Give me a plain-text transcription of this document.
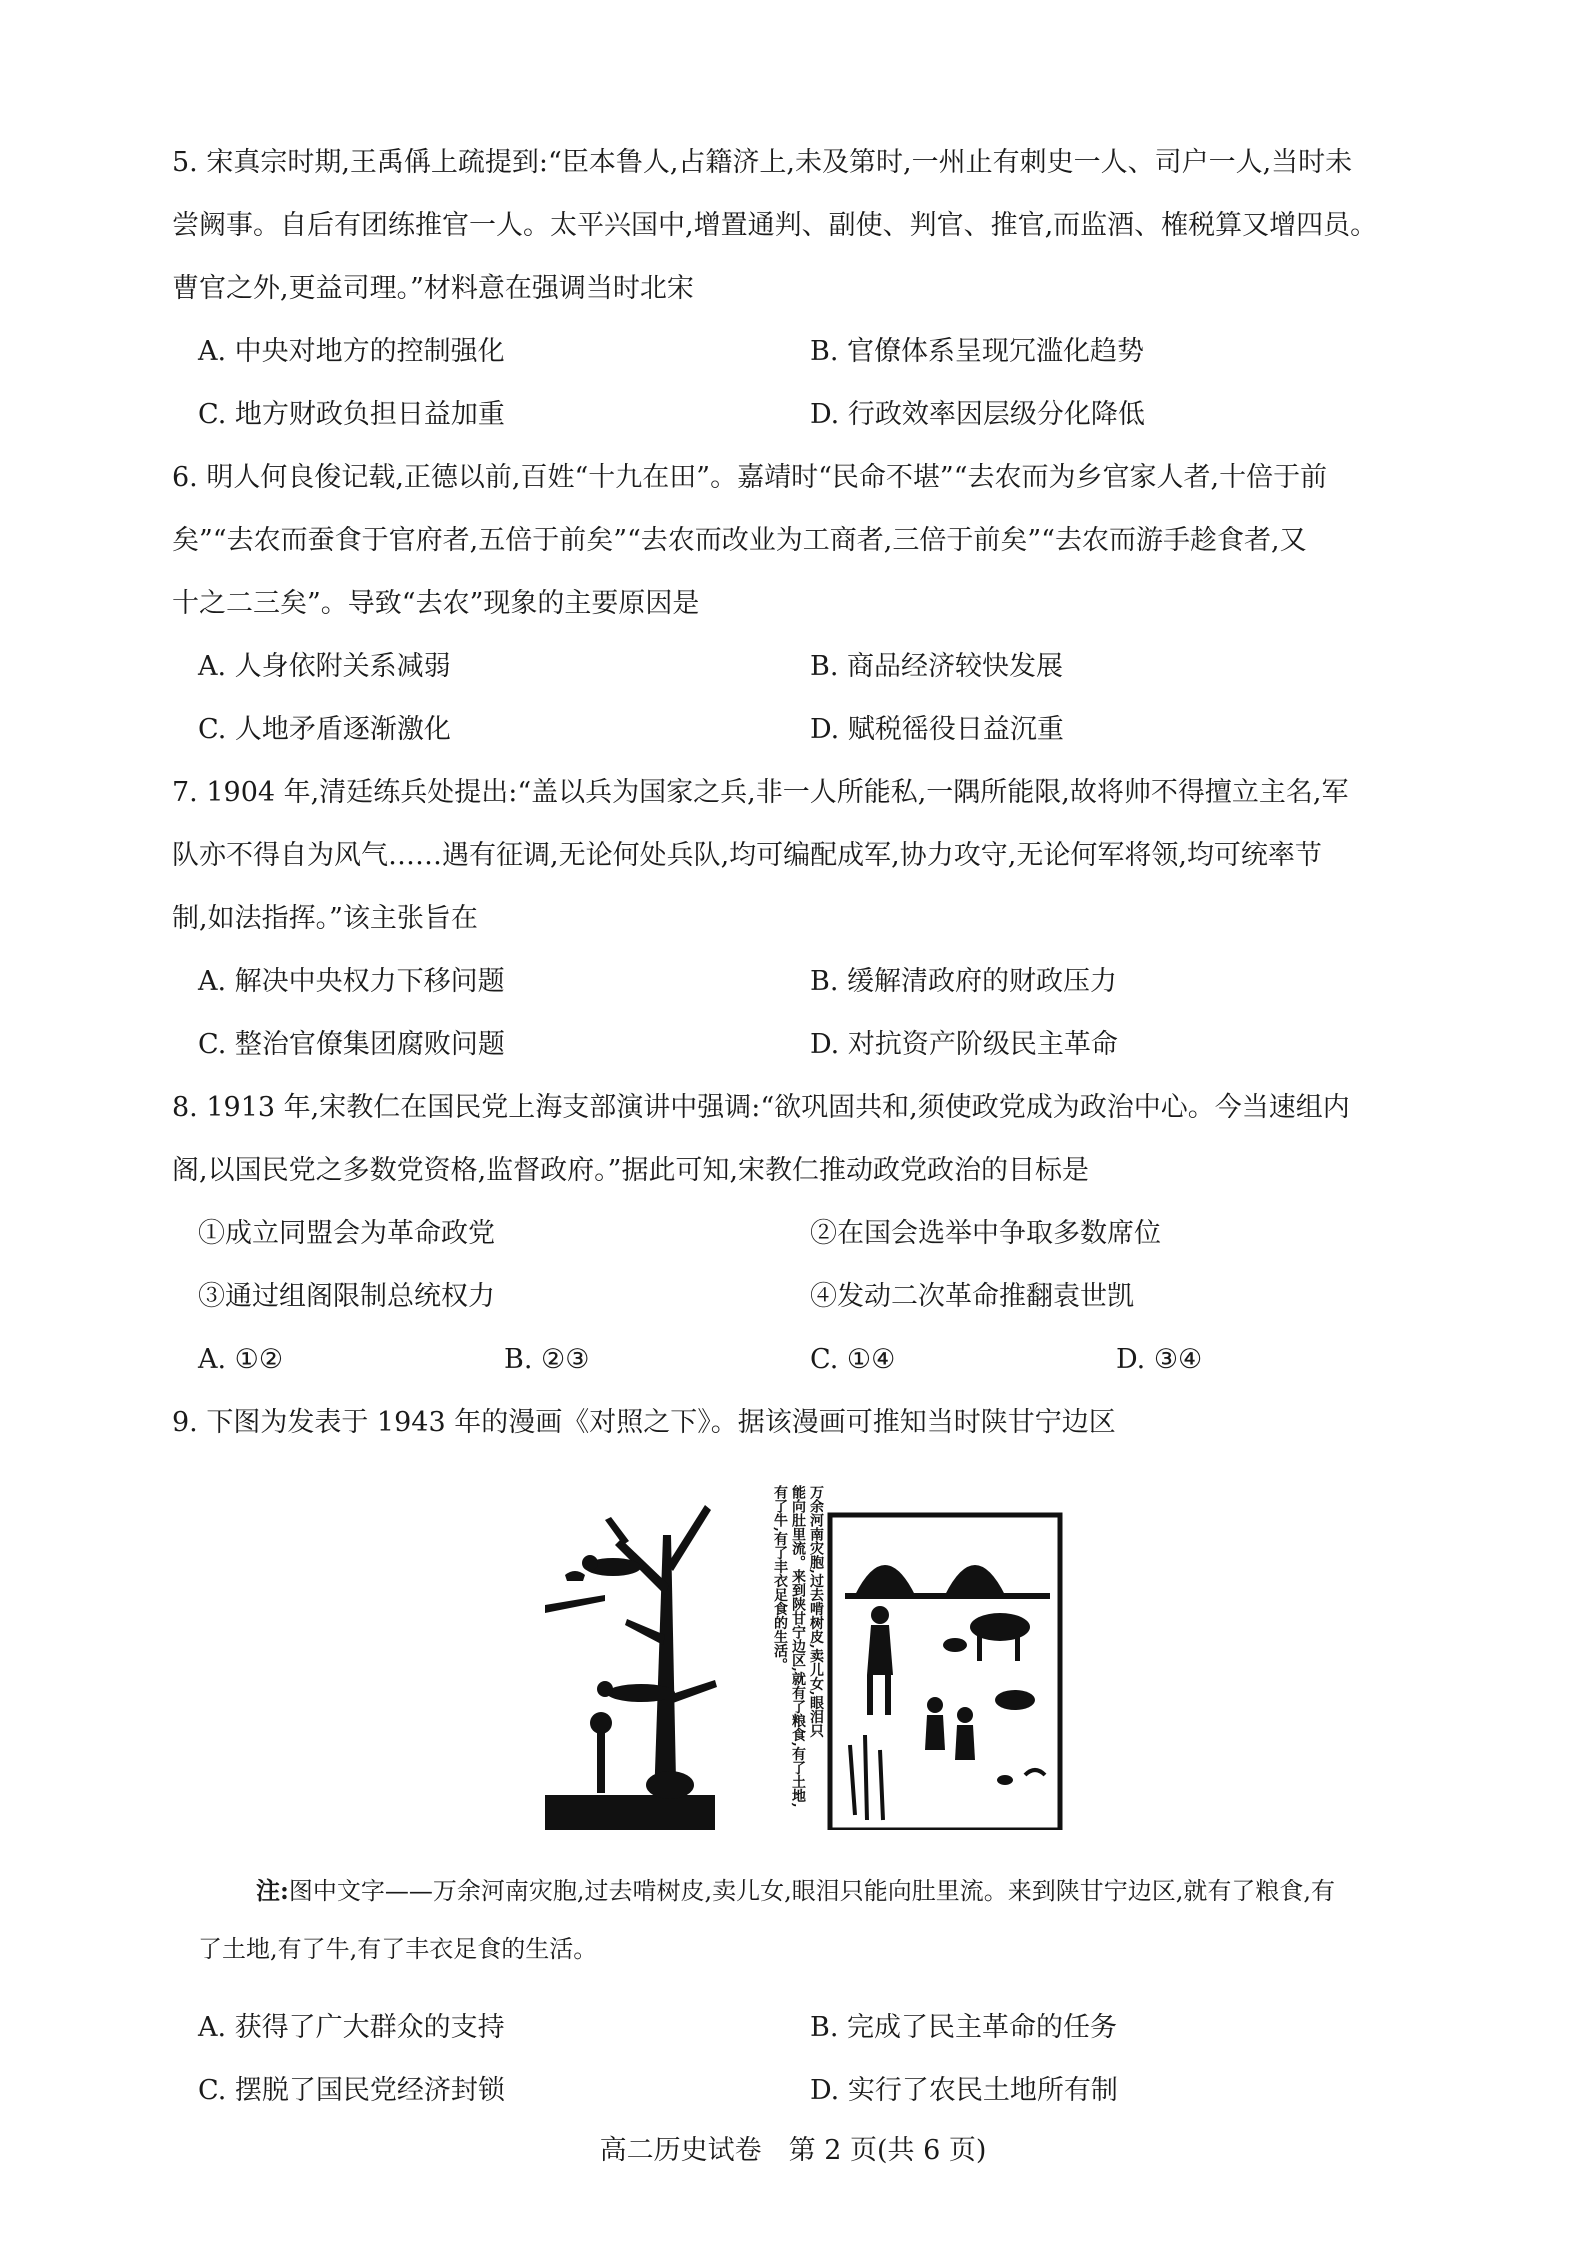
5. 宋真宗时期,王禹偁上疏提到:“臣本鲁人,占籍济上,未及第时,一州止有刺史一人、司户一人,当时未

尝阙事。自后有团练推官一人。太平兴国中,增置通判、副使、判官、推官,而监酒、榷税算又增四员。

曹官之外,更益司理。”材料意在强调当时北宋

A. 中央对地方的控制强化	B. 官僚体系呈现冗滥化趋势
C. 地方财政负担日益加重	D. 行政效率因层级分化降低

6. 明人何良俊记载,正德以前,百姓“十九在田”。嘉靖时“民命不堪”“去农而为乡官家人者,十倍于前

矣”“去农而蚕食于官府者,五倍于前矣”“去农而改业为工商者,三倍于前矣”“去农而游手趁食者,又

十之二三矣”。导致“去农”现象的主要原因是

A. 人身依附关系减弱	B. 商品经济较快发展
C. 人地矛盾逐渐激化	D. 赋税徭役日益沉重

7. 1904 年,清廷练兵处提出:“盖以兵为国家之兵,非一人所能私,一隅所能限,故将帅不得擅立主名,军

队亦不得自为风气……遇有征调,无论何处兵队,均可编配成军,协力攻守,无论何军将领,均可统率节

制,如法指挥。”该主张旨在

A. 解决中央权力下移问题	B. 缓解清政府的财政压力
C. 整治官僚集团腐败问题	D. 对抗资产阶级民主革命

8. 1913 年,宋教仁在国民党上海支部演讲中强调:“欲巩固共和,须使政党成为政治中心。今当速组内

阁,以国民党之多数党资格,监督政府。”据此可知,宋教仁推动政党政治的目标是

①成立同盟会为革命政党	②在国会选举中争取多数席位
③通过组阁限制总统权力	④发动二次革命推翻袁世凯
A. ①②	B. ②③	C. ①④	D. ③④

9. 下图为发表于 1943 年的漫画《对照之下》。据该漫画可推知当时陕甘宁边区

有了牛,有了丰衣足食的生活。 能向肚里流。来到陕甘宁边区,就有了粮食,有了土地, 万余河南灾胞,过去啃树皮,卖儿女,眼泪只

注:图中文字——万余河南灾胞,过去啃树皮,卖儿女,眼泪只能向肚里流。来到陕甘宁边区,就有了粮食,有

了土地,有了牛,有了丰衣足食的生活。

A. 获得了广大群众的支持	B. 完成了民主革命的任务
C. 摆脱了国民党经济封锁	D. 实行了农民土地所有制
高二历史试卷　第 2 页(共 6 页)
